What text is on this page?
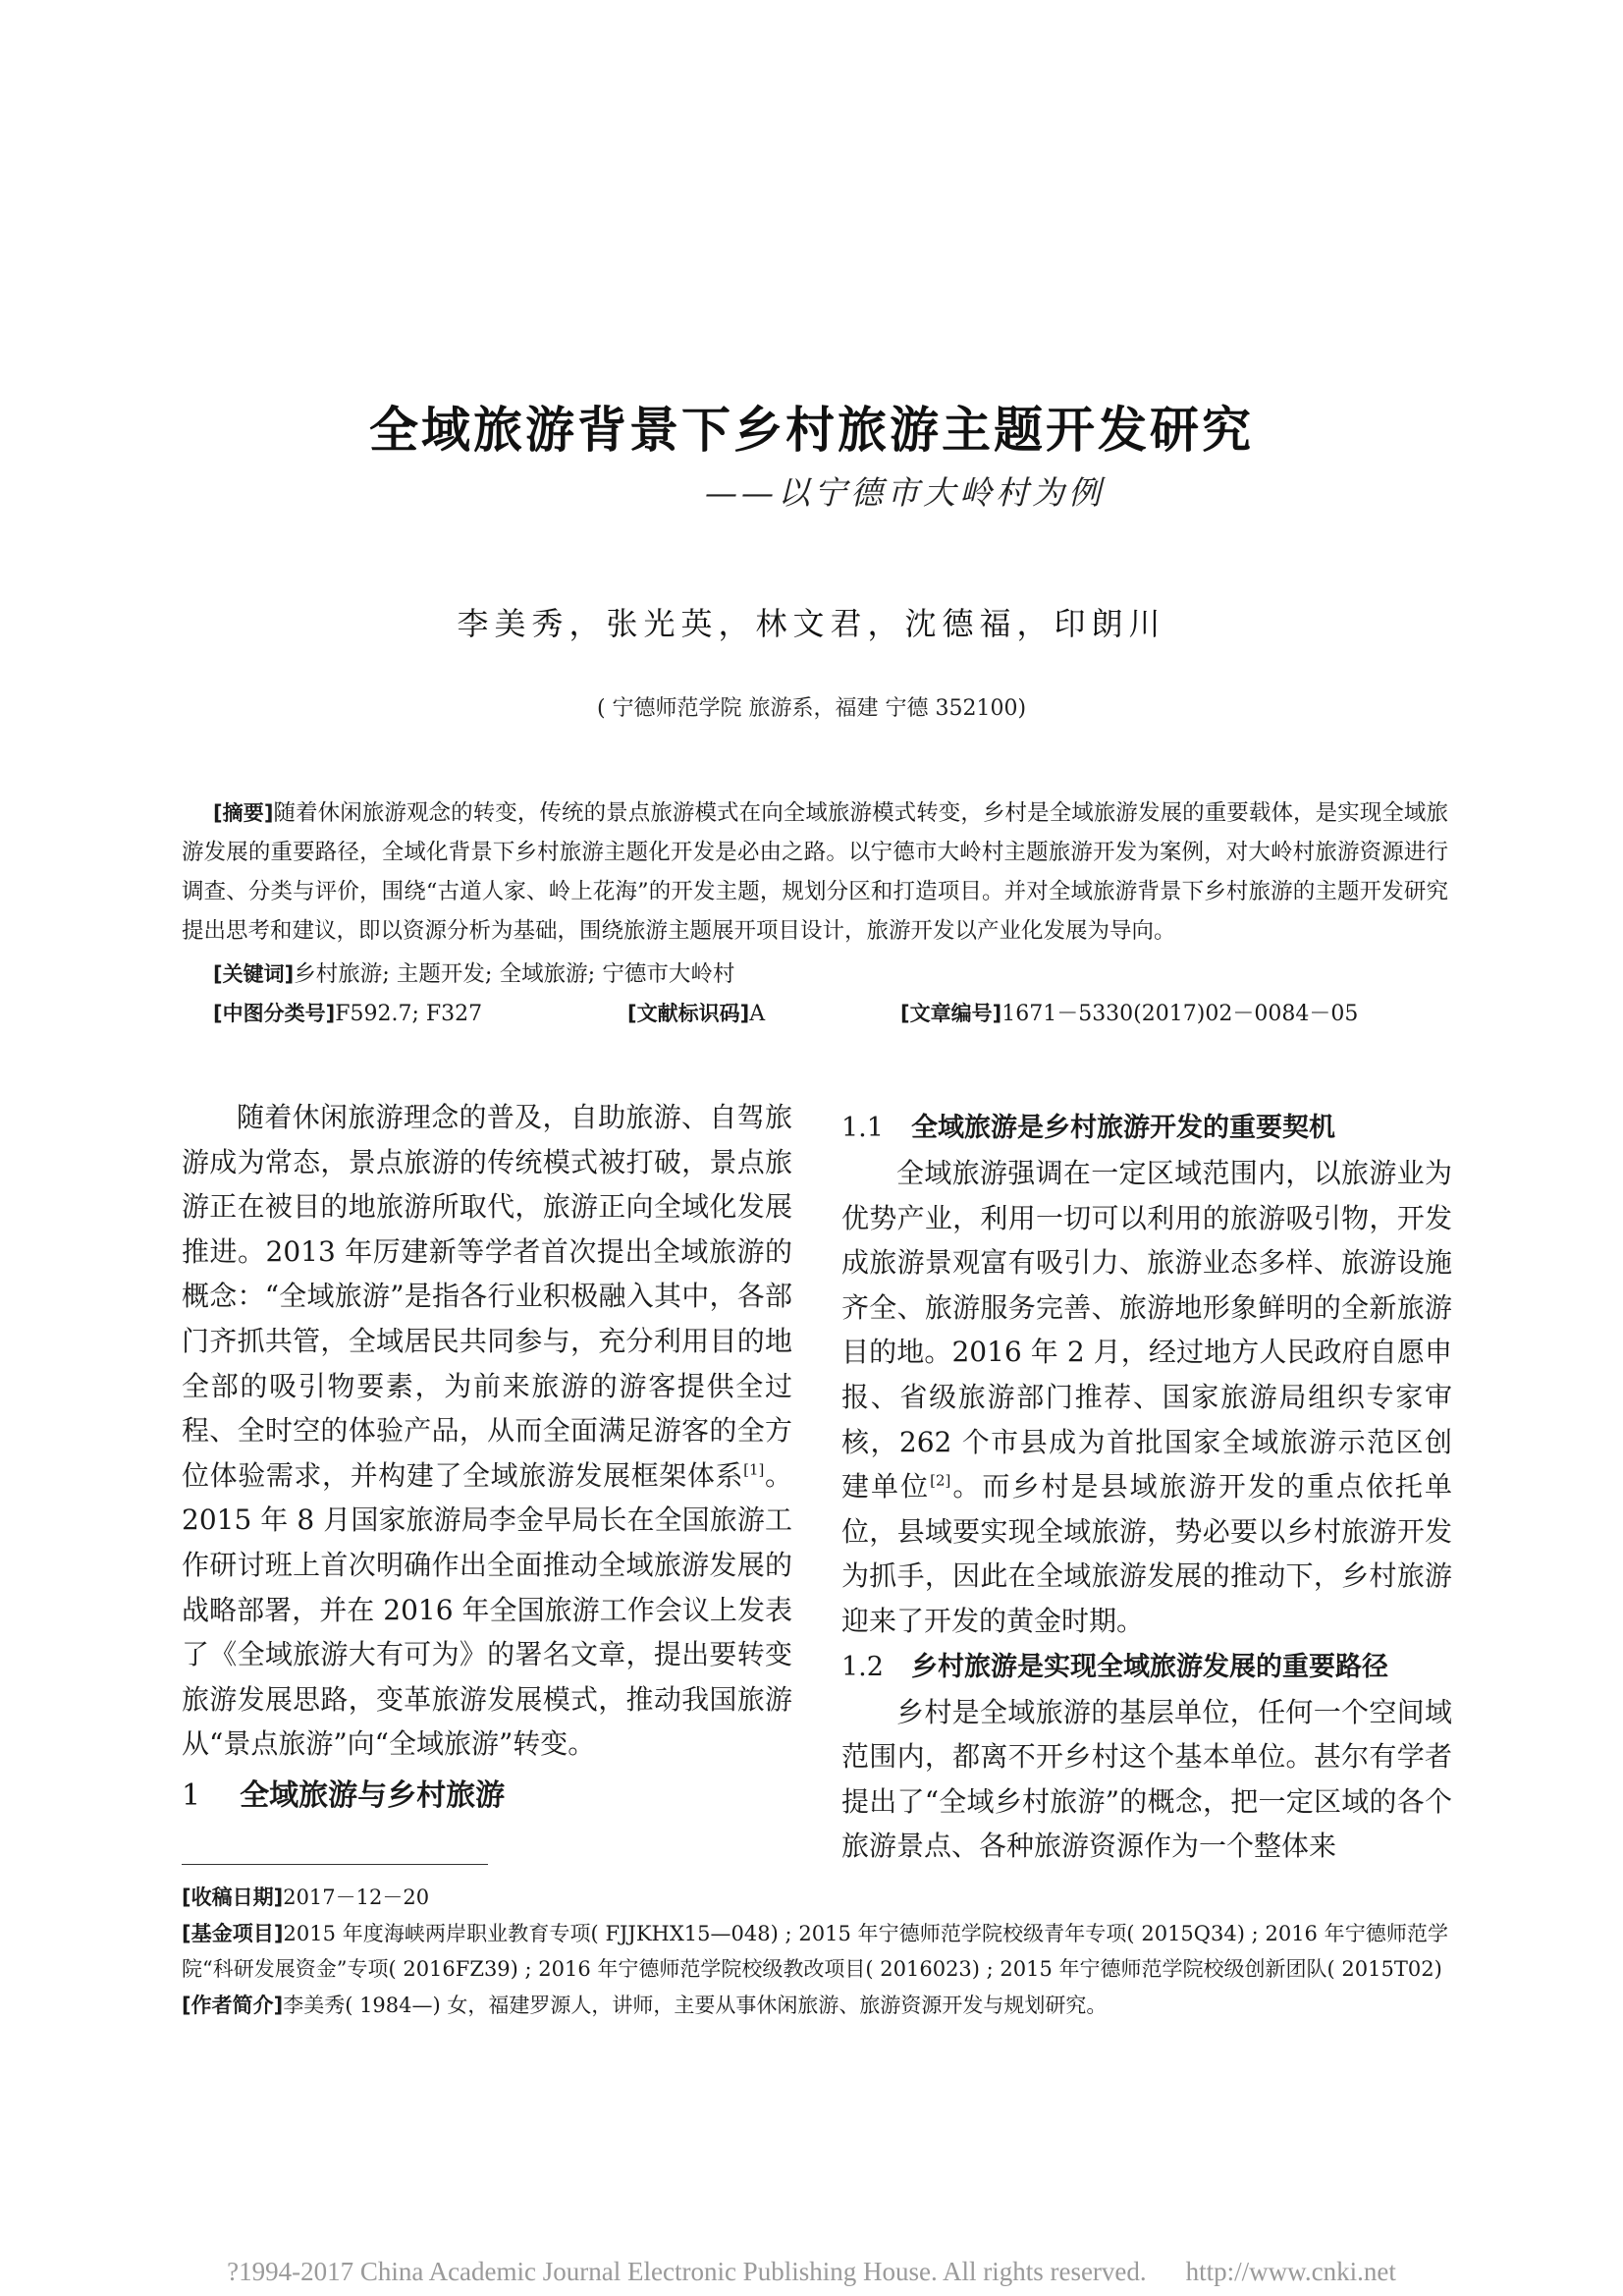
全域旅游背景下乡村旅游主题开发研究
——以宁德市大岭村为例
李美秀，张光英，林文君，沈德福，印朗川
( 宁德师范学院 旅游系，福建 宁德 352100)
[摘要]随着休闲旅游观念的转变，传统的景点旅游模式在向全域旅游模式转变，乡村是全域旅游发展的重要载体，是实现全域旅游发展的重要路径，全域化背景下乡村旅游主题化开发是必由之路。以宁德市大岭村主题旅游开发为案例，对大岭村旅游资源进行调查、分类与评价，围绕“古道人家、岭上花海”的开发主题，规划分区和打造项目。并对全域旅游背景下乡村旅游的主题开发研究提出思考和建议，即以资源分析为基础，围绕旅游主题展开项目设计，旅游开发以产业化发展为导向。
[关键词]乡村旅游; 主题开发; 全域旅游; 宁德市大岭村
[中图分类号]F592.7; F327	[文献标识码]A	[文章编号]1671－5330(2017)02－0084－05

随着休闲旅游理念的普及，自助旅游、自驾旅游成为常态，景点旅游的传统模式被打破，景点旅游正在被目的地旅游所取代，旅游正向全域化发展推进。2013 年厉建新等学者首次提出全域旅游的概念：“全域旅游”是指各行业积极融入其中，各部门齐抓共管，全域居民共同参与，充分利用目的地全部的吸引物要素，为前来旅游的游客提供全过程、全时空的体验产品，从而全面满足游客的全方位体验需求，并构建了全域旅游发展框架体系[1]。2015 年 8 月国家旅游局李金早局长在全国旅游工作研讨班上首次明确作出全面推动全域旅游发展的战略部署，并在 2016 年全国旅游工作会议上发表了《全域旅游大有可为》的署名文章，提出要转变旅游发展思路，变革旅游发展模式，推动我国旅游从“景点旅游”向“全域旅游”转变。

1 全域旅游与乡村旅游
1.1 全域旅游是乡村旅游开发的重要契机

全域旅游强调在一定区域范围内，以旅游业为优势产业，利用一切可以利用的旅游吸引物，开发成旅游景观富有吸引力、旅游业态多样、旅游设施齐全、旅游服务完善、旅游地形象鲜明的全新旅游目的地。2016 年 2 月，经过地方人民政府自愿申报、省级旅游部门推荐、国家旅游局组织专家审核，262 个市县成为首批国家全域旅游示范区创建单位[2]。而乡村是县域旅游开发的重点依托单位，县域要实现全域旅游，势必要以乡村旅游开发为抓手，因此在全域旅游发展的推动下，乡村旅游迎来了开发的黄金时期。

1.2 乡村旅游是实现全域旅游发展的重要路径

乡村是全域旅游的基层单位，任何一个空间域范围内，都离不开乡村这个基本单位。甚尔有学者提出了“全域乡村旅游”的概念，把一定区域的各个旅游景点、各种旅游资源作为一个整体来

[收稿日期]2017－12－20
[基金项目]2015 年度海峡两岸职业教育专项( FJJKHX15—048) ; 2015 年宁德师范学院校级青年专项( 2015Q34) ; 2016 年宁德师范学院“科研发展资金”专项( 2016FZ39) ; 2016 年宁德师范学院校级教改项目( 2016023) ; 2015 年宁德师范学院校级创新团队( 2015T02)
[作者简介]李美秀( 1984—) 女，福建罗源人，讲师，主要从事休闲旅游、旅游资源开发与规划研究。
?1994-2017 China Academic Journal Electronic Publishing House. All rights reserved. http://www.cnki.net
